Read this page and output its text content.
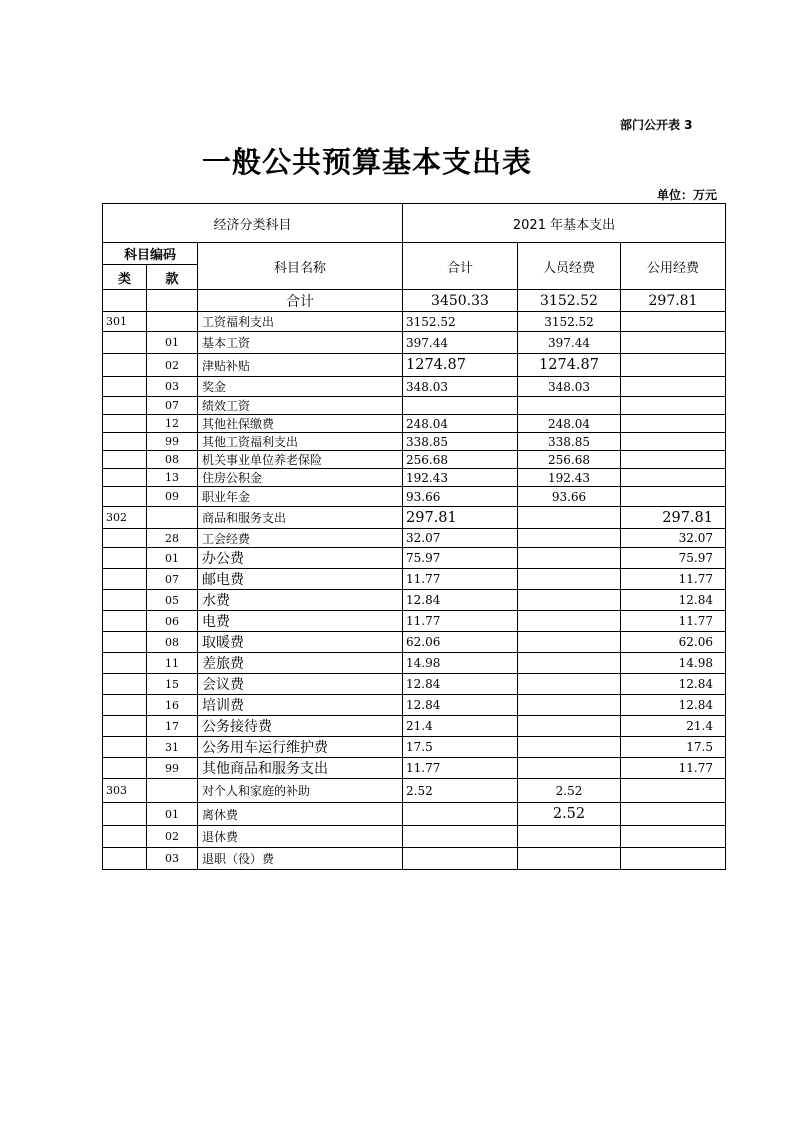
部门公开表 3
一般公共预算基本支出表
单位：万元
经济分类科目			2021 年基本支出		
科目编码		科目名称	合计	人员经费	公用经费
类	款				
		合计	3450.33	3152.52	297.81
301		工资福利支出	3152.52	3152.52	
	01	基本工资	397.44	397.44	
	02	津贴补贴	1274.87	1274.87	
	03	奖金	348.03	348.03	
	07	绩效工资			
	12	其他社保缴费	248.04	248.04	
	99	其他工资福利支出	338.85	338.85	
	08	机关事业单位养老保险	256.68	256.68	
	13	住房公积金	192.43	192.43	
	09	职业年金	93.66	93.66	
302		商品和服务支出	297.81		297.81
	28	工会经费	32.07		32.07
	01	办公费	75.97		75.97
	07	邮电费	11.77		11.77
	05	水费	12.84		12.84
	06	电费	11.77		11.77
	08	取暖费	62.06		62.06
	11	差旅费	14.98		14.98
	15	会议费	12.84		12.84
	16	培训费	12.84		12.84
	17	公务接待费	21.4		21.4
	31	公务用车运行维护费	17.5		17.5
	99	其他商品和服务支出	11.77		11.77
303		对个人和家庭的补助	2.52	2.52	
	01	离休费		2.52	
	02	退休费			
	03	退职（役）费			
